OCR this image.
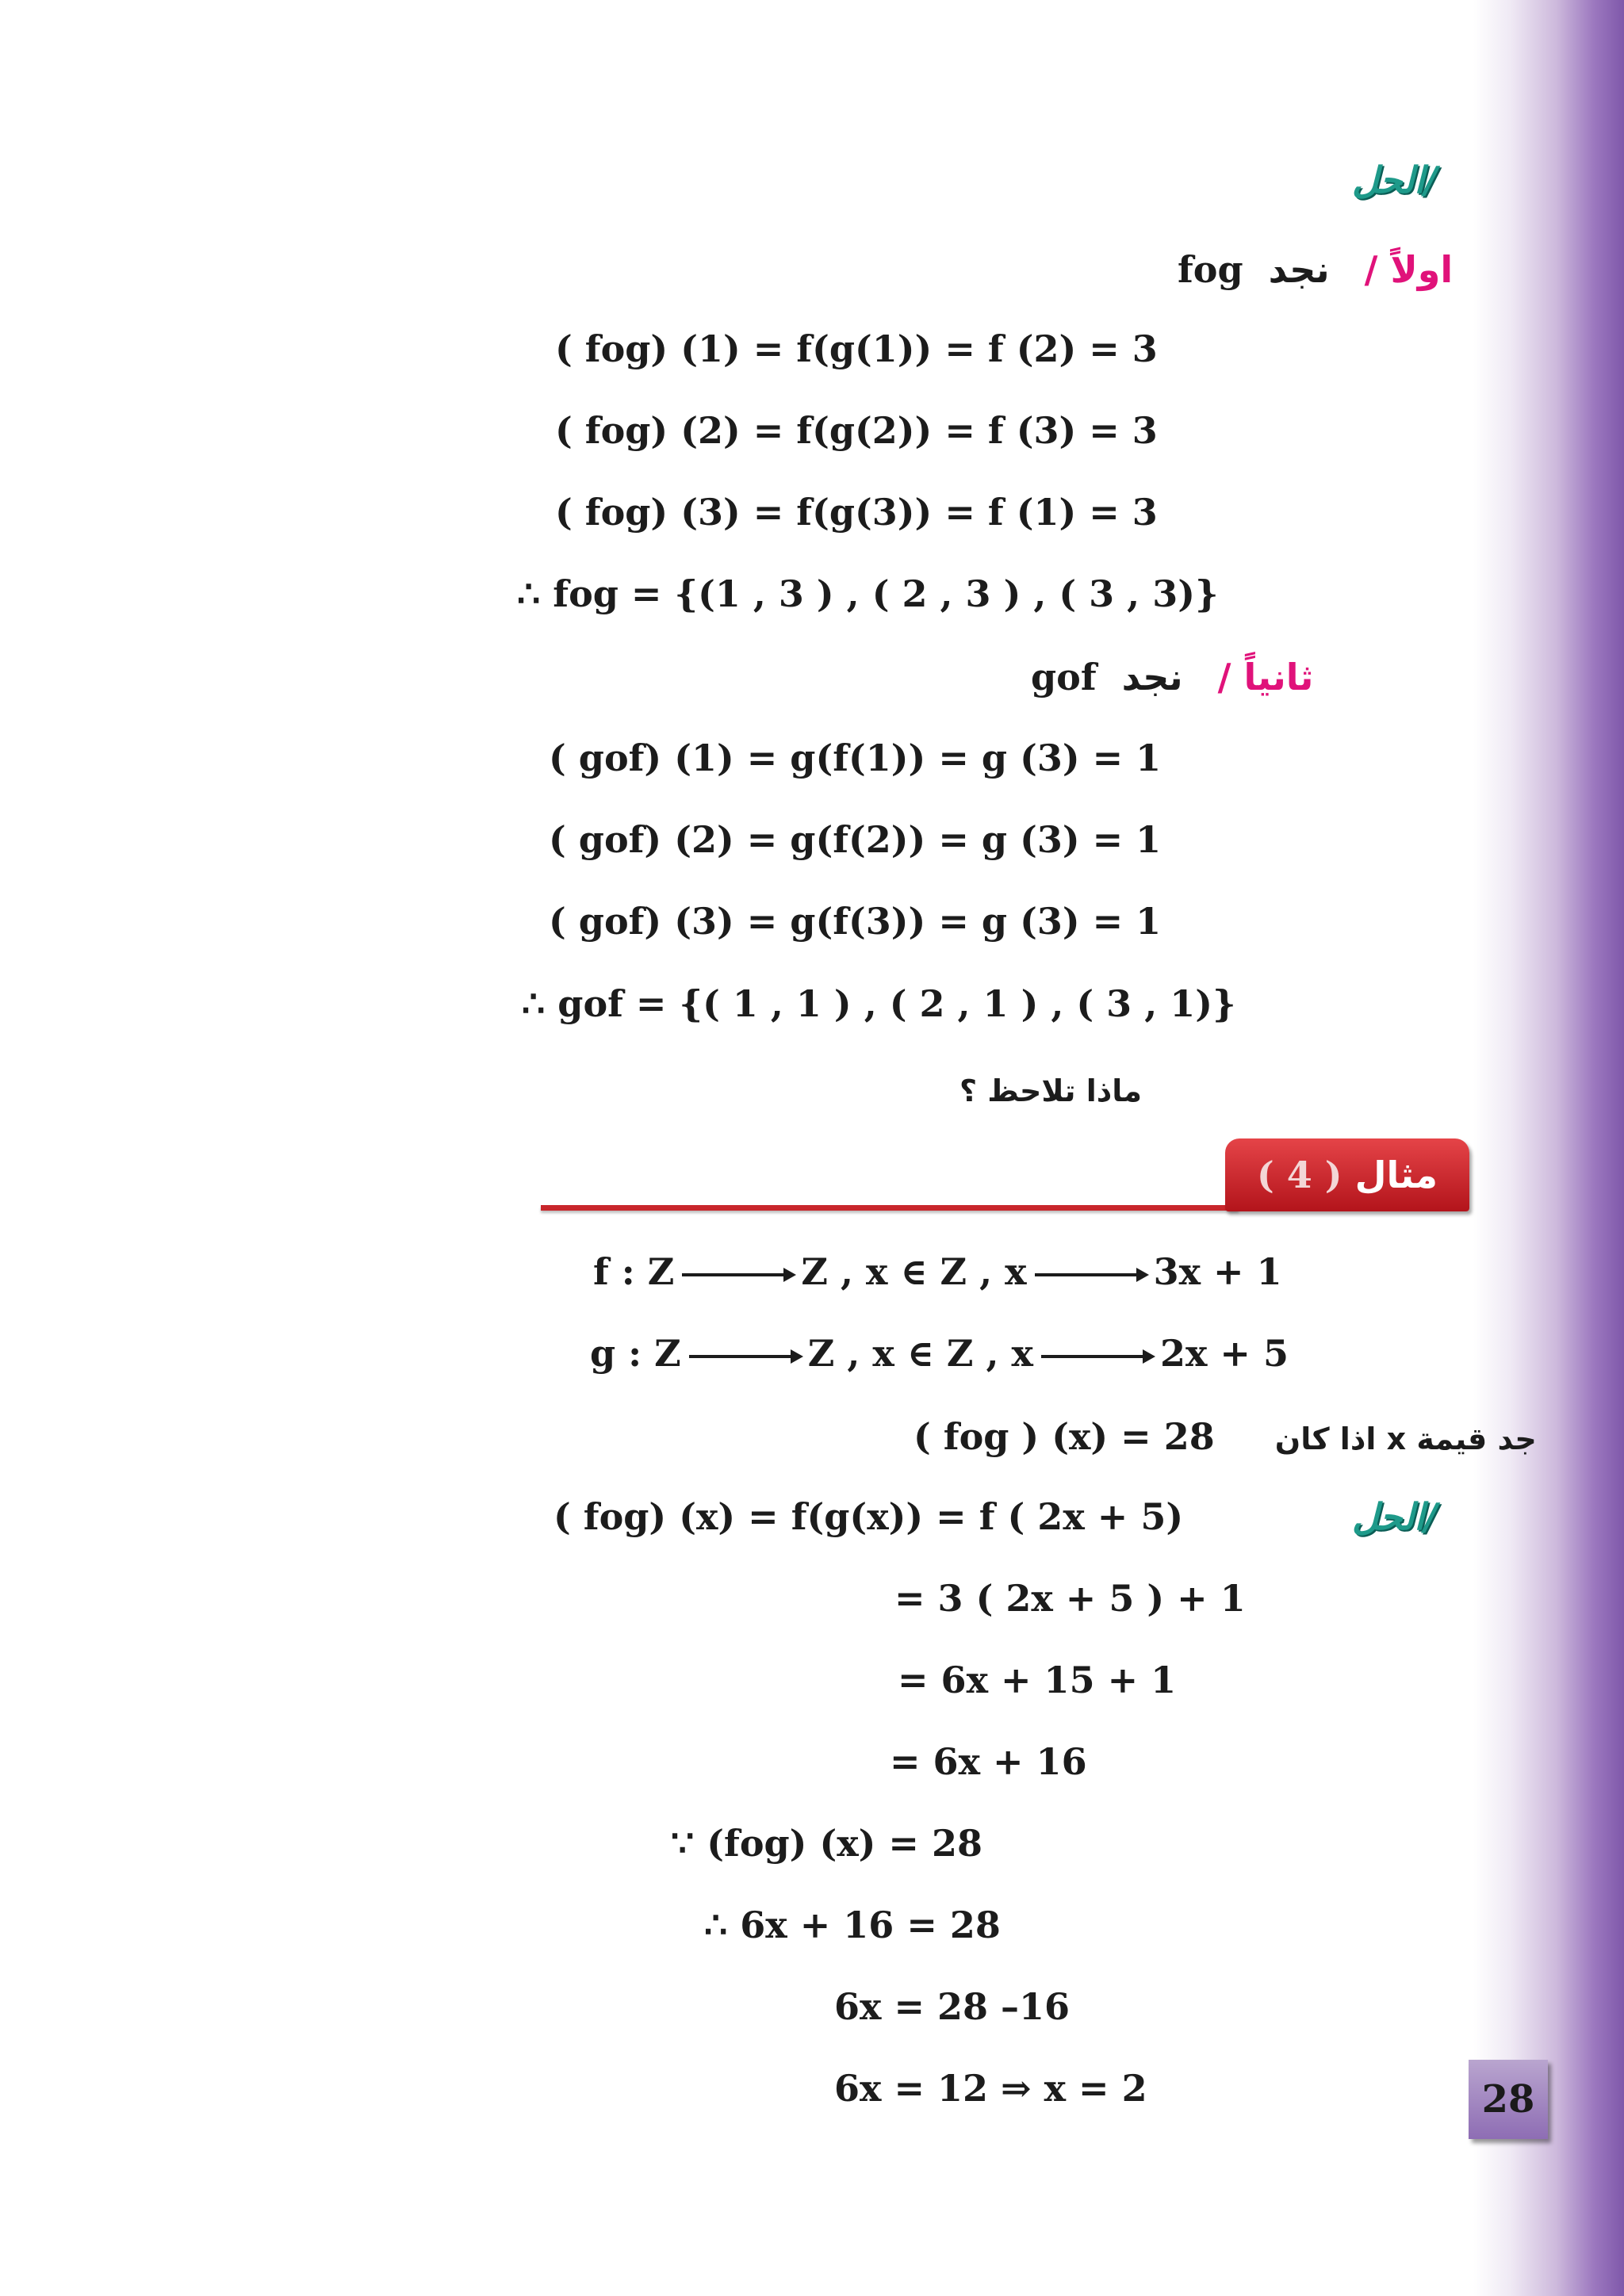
الحل/
اولاً / نجد fog
( fog) (1) = f(g(1)) = f (2) = 3
( fog) (2) = f(g(2)) = f (3) = 3
( fog) (3) = f(g(3)) = f (1) = 3
∴ fog = {(1 , 3 ) , ( 2 , 3 ) , ( 3 , 3)}
ثانياً / نجد gof
( gof) (1) = g(f(1)) = g (3) = 1
( gof) (2) = g(f(2)) = g (3) = 1
( gof) (3) = g(f(3)) = g (3) = 1
∴ gof = {( 1 , 1 ) , ( 2 , 1 ) , ( 3 , 1)}
ماذا تلاحظ ؟
مثال ( 4 )
f : Z	Z , x ∈ Z , x	3x + 1
g : Z	Z , x ∈ Z , x	2x + 5
( fog ) (x) = 28 جد قيمة x اذا كان
الحل/
( fog) (x) = f(g(x)) = f ( 2x + 5)
= 3 ( 2x + 5 ) + 1
= 6x + 15 + 1
= 6x + 16
∵ (fog) (x) = 28
∴ 6x + 16 = 28
6x = 28 –16
6x = 12 ⇒ x = 2	28
